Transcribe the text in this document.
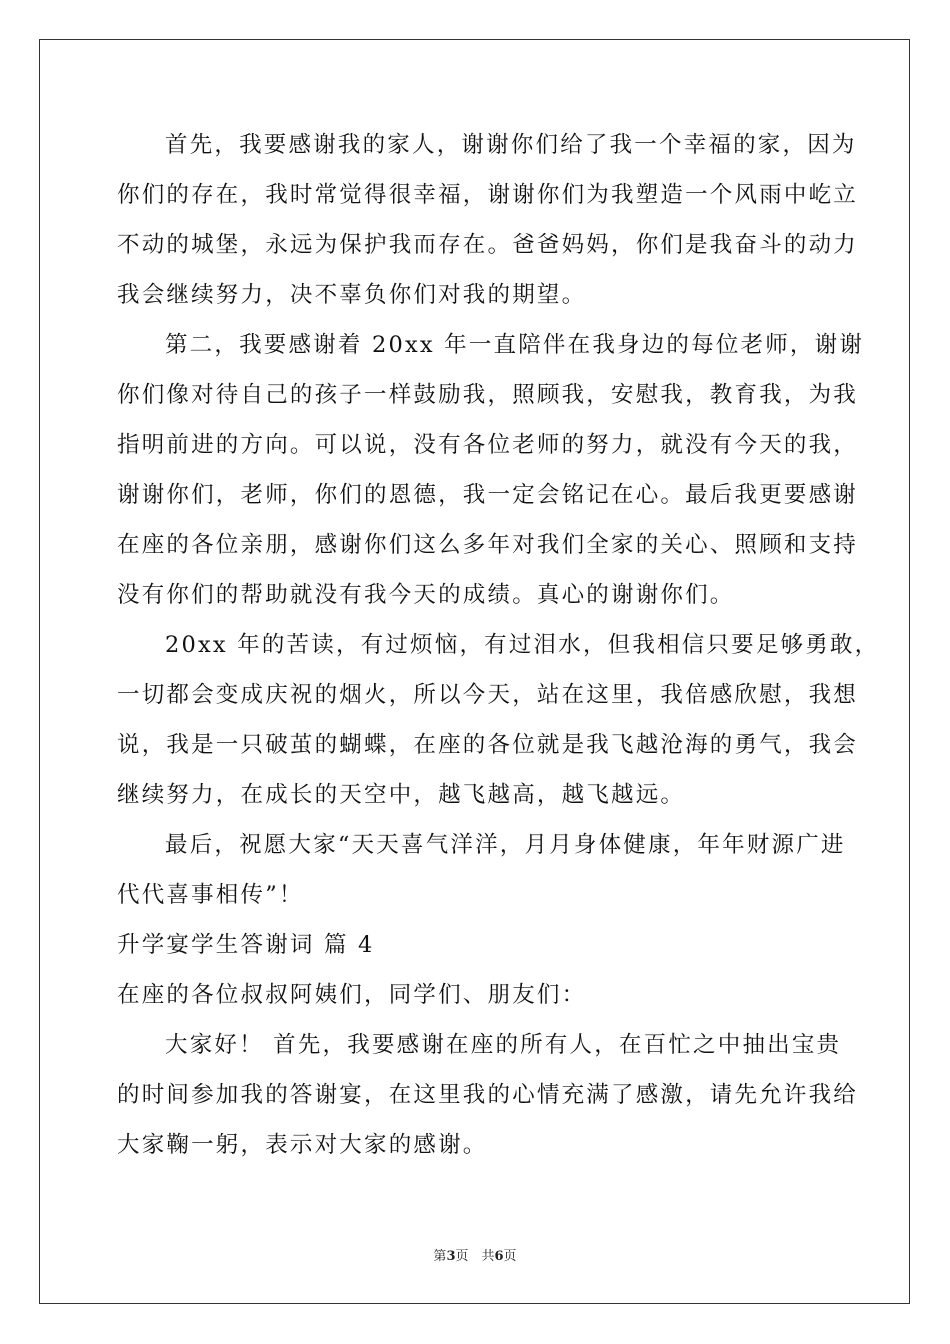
首先，我要感谢我的家人，谢谢你们给了我一个幸福的家，因为
你们的存在，我时常觉得很幸福，谢谢你们为我塑造一个风雨中屹立
不动的城堡，永远为保护我而存在。爸爸妈妈，你们是我奋斗的动力
我会继续努力，决不辜负你们对我的期望。
第二，我要感谢着 20xx 年一直陪伴在我身边的每位老师，谢谢
你们像对待自己的孩子一样鼓励我，照顾我，安慰我，教育我，为我
指明前进的方向。可以说，没有各位老师的努力，就没有今天的我，
谢谢你们，老师，你们的恩德，我一定会铭记在心。最后我更要感谢
在座的各位亲朋，感谢你们这么多年对我们全家的关心、照顾和支持
没有你们的帮助就没有我今天的成绩。真心的谢谢你们。
20xx 年的苦读，有过烦恼，有过泪水，但我相信只要足够勇敢，
一切都会变成庆祝的烟火，所以今天，站在这里，我倍感欣慰，我想
说，我是一只破茧的蝴蝶，在座的各位就是我飞越沧海的勇气，我会
继续努力，在成长的天空中，越飞越高，越飞越远。
最后，祝愿大家“天天喜气洋洋，月月身体健康，年年财源广进
代代喜事相传”！
升学宴学生答谢词 篇 4
在座的各位叔叔阿姨们，同学们、朋友们：
大家好！ 首先，我要感谢在座的所有人，在百忙之中抽出宝贵
的时间参加我的答谢宴，在这里我的心情充满了感激，请先允许我给
大家鞠一躬，表示对大家的感谢。
第3页　共6页
